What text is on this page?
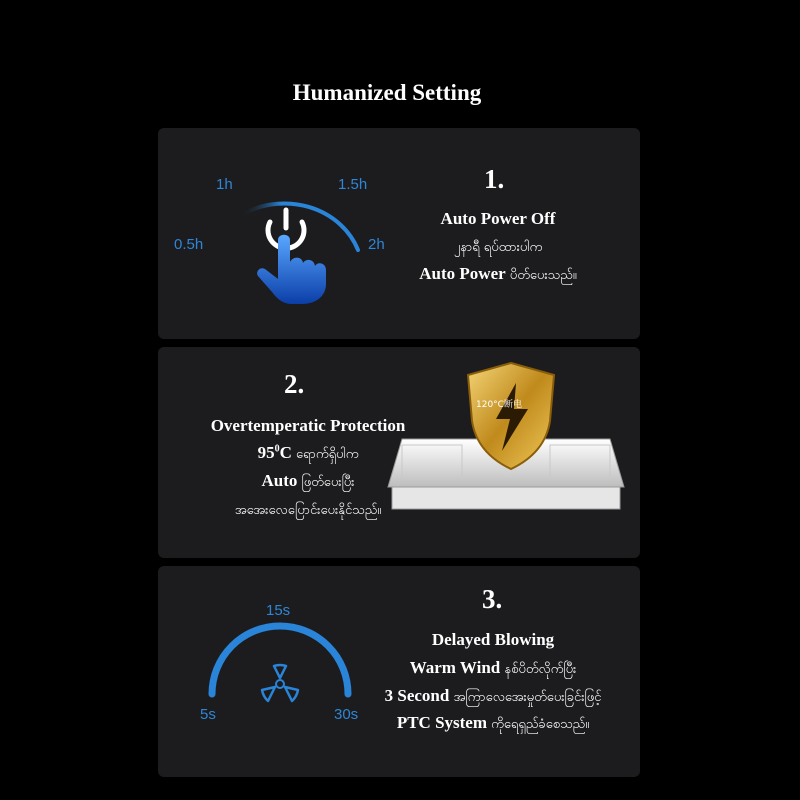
Humanized Setting
0.5h
1h	1.5h
2h
1.
Auto Power Off
၂နာရီ ရပ်ထားပါက
Auto Power ပိတ်ပေးသည်။
120°C断电
2.
Overtemperatic Protection
$95^0C$ ရောက်ရှိပါက
Auto ဖြတ်ပေးပြီး
အအေးလေပြောင်းပေးနိုင်သည်။
5s
15s
30s
3.
Delayed Blowing
Warm Wind နစ်ပိတ်လိုက်ပြီး
3 Second အကြာလေအေးမှုတ်ပေးခြင်းဖြင့်
PTC System ကိုရေရှည်ခံစေသည်။
